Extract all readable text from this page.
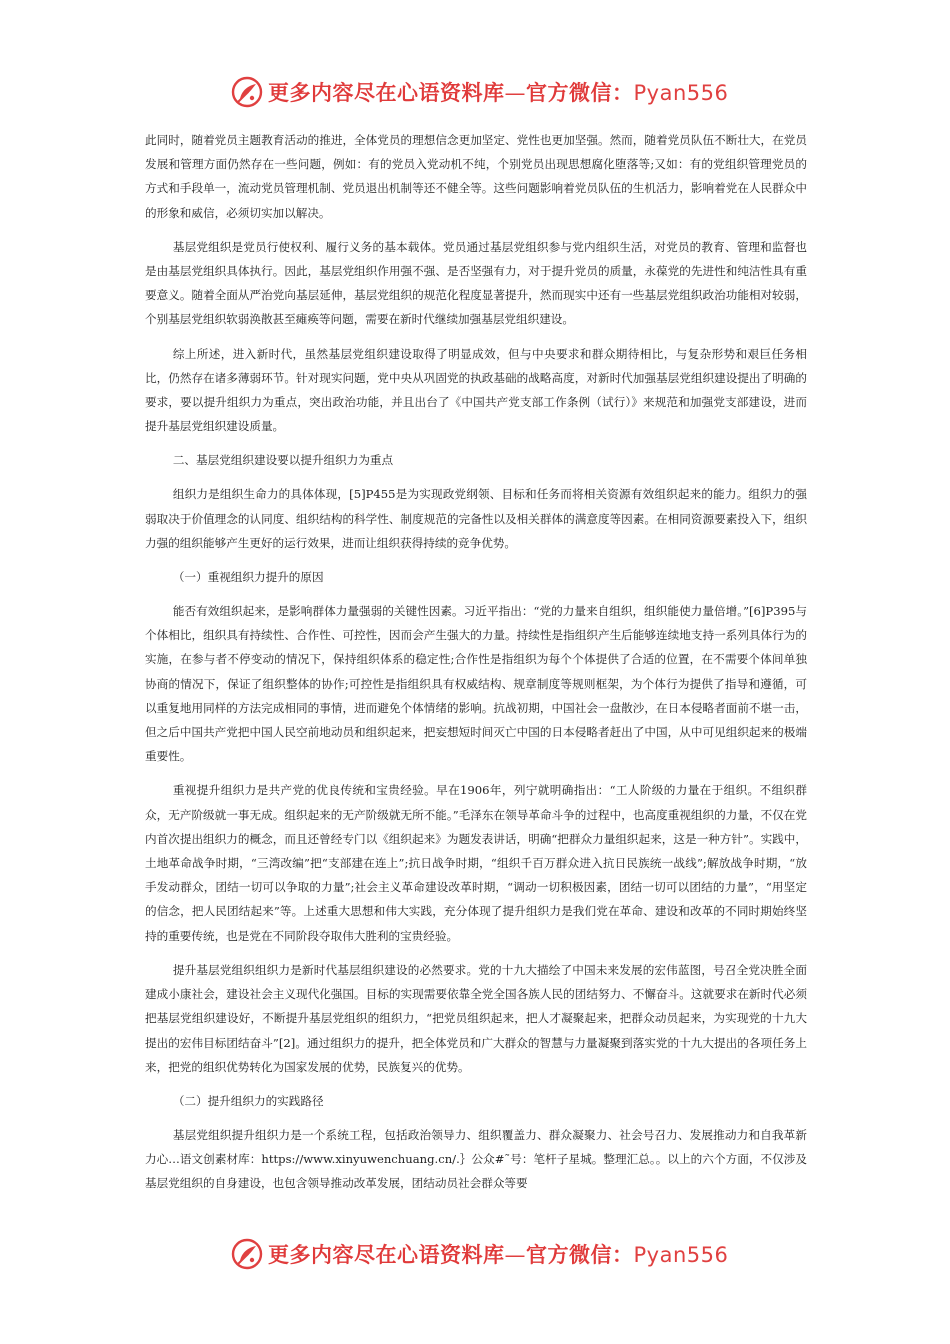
更多内容尽在心语资料库—官方微信：Pyan556

此同时，随着党员主题教育活动的推进，全体党员的理想信念更加坚定、党性也更加坚强。然而，随着党员队伍不断壮大，在党员发展和管理方面仍然存在一些问题，例如：有的党员入党动机不纯，个别党员出现思想腐化堕落等;又如：有的党组织管理党员的方式和手段单一，流动党员管理机制、党员退出机制等还不健全等。这些问题影响着党员队伍的生机活力，影响着党在人民群众中的形象和威信，必须切实加以解决。

基层党组织是党员行使权利、履行义务的基本载体。党员通过基层党组织参与党内组织生活，对党员的教育、管理和监督也是由基层党组织具体执行。因此，基层党组织作用强不强、是否坚强有力，对于提升党员的质量，永葆党的先进性和纯洁性具有重要意义。随着全面从严治党向基层延伸，基层党组织的规范化程度显著提升，然而现实中还有一些基层党组织政治功能相对较弱，个别基层党组织软弱涣散甚至瘫痪等问题，需要在新时代继续加强基层党组织建设。

综上所述，进入新时代，虽然基层党组织建设取得了明显成效，但与中央要求和群众期待相比，与复杂形势和艰巨任务相比，仍然存在诸多薄弱环节。针对现实问题，党中央从巩固党的执政基础的战略高度，对新时代加强基层党组织建设提出了明确的要求，要以提升组织力为重点，突出政治功能，并且出台了《中国共产党支部工作条例（试行）》来规范和加强党支部建设，进而提升基层党组织建设质量。

二、基层党组织建设要以提升组织力为重点

组织力是组织生命力的具体体现，[5]P455是为实现政党纲领、目标和任务而将相关资源有效组织起来的能力。组织力的强弱取决于价值理念的认同度、组织结构的科学性、制度规范的完备性以及相关群体的满意度等因素。在相同资源要素投入下，组织力强的组织能够产生更好的运行效果，进而让组织获得持续的竞争优势。

（一）重视组织力提升的原因

能否有效组织起来，是影响群体力量强弱的关键性因素。习近平指出：“党的力量来自组织，组织能使力量倍增。”[6]P395与个体相比，组织具有持续性、合作性、可控性，因而会产生强大的力量。持续性是指组织产生后能够连续地支持一系列具体行为的实施，在参与者不停变动的情况下，保持组织体系的稳定性;合作性是指组织为每个个体提供了合适的位置，在不需要个体间单独协商的情况下，保证了组织整体的协作;可控性是指组织具有权威结构、规章制度等规则框架，为个体行为提供了指导和遵循，可以重复地用同样的方法完成相同的事情，进而避免个体情绪的影响。抗战初期，中国社会一盘散沙，在日本侵略者面前不堪一击，但之后中国共产党把中国人民空前地动员和组织起来，把妄想短时间灭亡中国的日本侵略者赶出了中国，从中可见组织起来的极端重要性。

重视提升组织力是共产党的优良传统和宝贵经验。早在1906年，列宁就明确指出：“工人阶级的力量在于组织。不组织群众，无产阶级就一事无成。组织起来的无产阶级就无所不能。”毛泽东在领导革命斗争的过程中，也高度重视组织的力量，不仅在党内首次提出组织力的概念，而且还曾经专门以《组织起来》为题发表讲话，明确“把群众力量组织起来，这是一种方针”。实践中，土地革命战争时期，“三湾改编”把“支部建在连上”;抗日战争时期，“组织千百万群众进入抗日民族统一战线”;解放战争时期，“放手发动群众，团结一切可以争取的力量”;社会主义革命建设改革时期，“调动一切积极因素，团结一切可以团结的力量”，“用坚定的信念，把人民团结起来”等。上述重大思想和伟大实践，充分体现了提升组织力是我们党在革命、建设和改革的不同时期始终坚持的重要传统，也是党在不同阶段夺取伟大胜利的宝贵经验。

提升基层党组织组织力是新时代基层组织建设的必然要求。党的十九大描绘了中国未来发展的宏伟蓝图，号召全党决胜全面建成小康社会，建设社会主义现代化强国。目标的实现需要依靠全党全国各族人民的团结努力、不懈奋斗。这就要求在新时代必须把基层党组织建设好，不断提升基层党组织的组织力，“把党员组织起来，把人才凝聚起来，把群众动员起来，为实现党的十九大提出的宏伟目标团结奋斗”[2]。通过组织力的提升，把全体党员和广大群众的智慧与力量凝聚到落实党的十九大提出的各项任务上来，把党的组织优势转化为国家发展的优势，民族复兴的优势。

（二）提升组织力的实践路径

基层党组织提升组织力是一个系统工程，包括政治领导力、组织覆盖力、群众凝聚力、社会号召力、发展推动力和自我革新力心…语文创素材库：https://www.xinyuwenchuang.cn/.｝公众#˜号：笔杆子星城。整理汇总。。以上的六个方面，不仅涉及基层党组织的自身建设，也包含领导推动改革发展，团结动员社会群众等要

更多内容尽在心语资料库—官方微信：Pyan556
